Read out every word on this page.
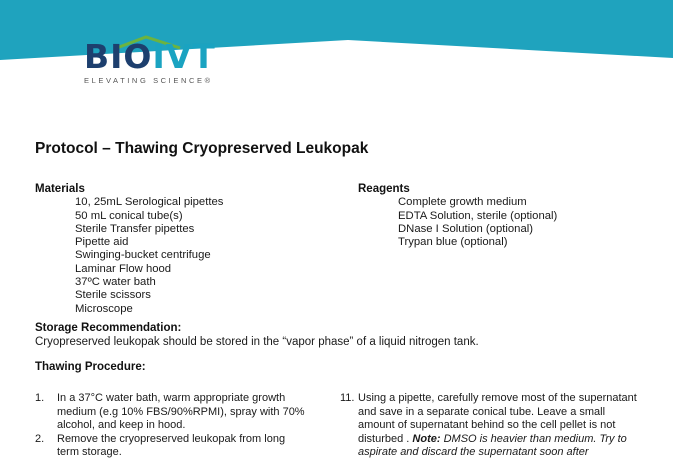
BIOIVT
ELEVATING SCIENCE®
Protocol – Thawing Cryopreserved Leukopak
Materials
10, 25mL Serological pipettes
50 mL conical tube(s)
Sterile Transfer pipettes
Pipette aid
Swinging-bucket centrifuge
Laminar Flow hood
37ºC water bath
Sterile scissors
Microscope
Reagents
Complete growth medium
EDTA Solution, sterile (optional)
DNase I Solution (optional)
Trypan blue (optional)
Storage Recommendation:
Cryopreserved leukopak should be stored in the “vapor phase” of a liquid nitrogen tank.
Thawing Procedure:
1. In a 37°C water bath, warm appropriate growth medium (e.g 10% FBS/90%RPMI), spray with 70% alcohol, and keep in hood.
2. Remove the cryopreserved leukopak from long term storage.
11. Using a pipette, carefully remove most of the supernatant and save in a separate conical tube. Leave a small amount of supernatant behind so the cell pellet is not disturbed . Note: DMSO is heavier than medium. Try to aspirate and discard the supernatant soon after
